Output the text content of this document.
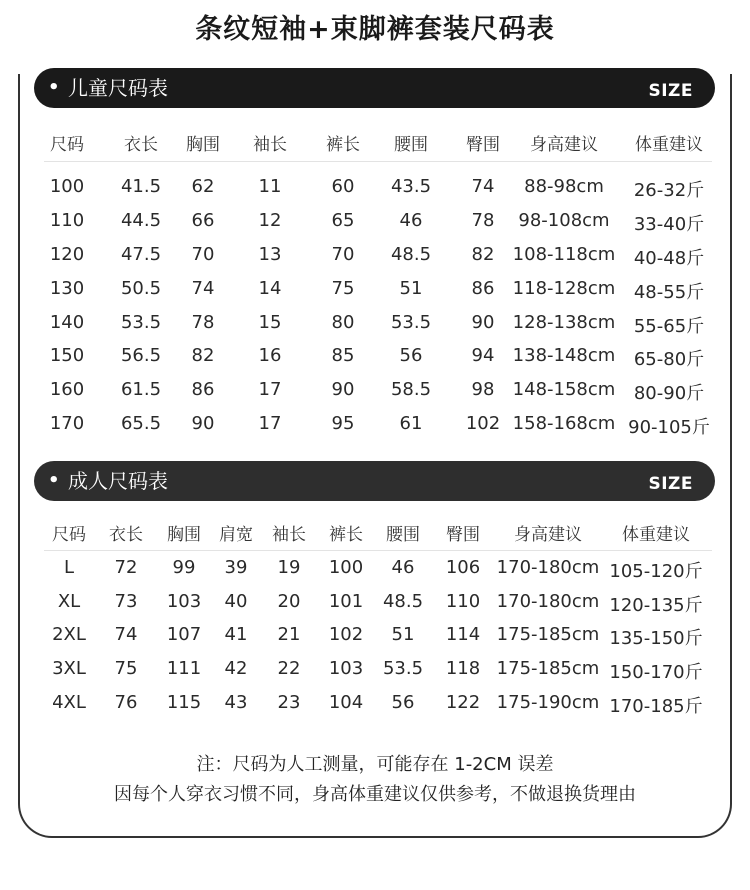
条纹短袖+束脚裤套装尺码表
• 儿童尺码表	SIZE
尺码 衣长 胸围 袖长 裤长 腰围 臀围 身高建议 体重建议
100 41.5 62 11	60 43.5 74 88-98cm 26-32斤
110 44.5 66 12	65	46	78 98-108cm 33-40斤
120 47.5 70 13	70 48.5 82 108-118cm 40-48斤
130 50.5 74 14	75	51	86 118-128cm 48-55斤
140 53.5 78 15	80 53.5 90 128-138cm 55-65斤
150 56.5 82 16	85	56	94 138-148cm 65-80斤
160 61.5 86 17	90 58.5 98 148-158cm 80-90斤
170 65.5 90 17	95	61 102 158-168cm 90-105斤
• 成人尺码表	SIZE
尺码 衣长 胸围 肩宽 袖长 裤长 腰围 臀围 身高建议 体重建议
L 72 99 39 19 100 46 106 170-180cm 105-120斤
XL 73 103 40 20 101 48.5 110 170-180cm 120-135斤
2XL 74 107 41 21 102 51 114 175-185cm 135-150斤
3XL 75 111 42 22 103 53.5 118 175-185cm 150-170斤
4XL 76 115 43 23 104 56 122 175-190cm 170-185斤
注：尺码为人工测量，可能存在 1-2CM 误差
因每个人穿衣习惯不同，身高体重建议仅供参考，不做退换货理由
